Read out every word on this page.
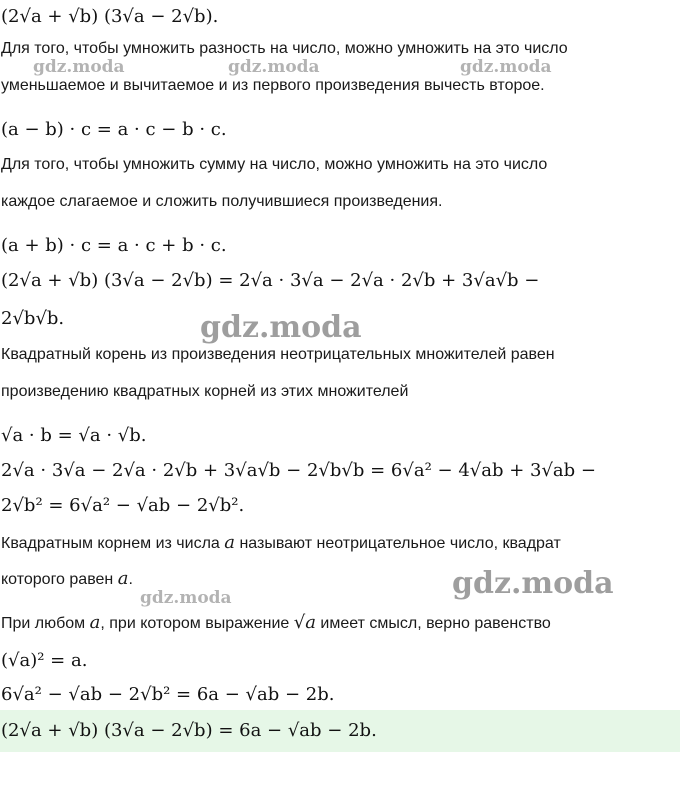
(2√a + √b) (3√a − 2√b).
Для того, чтобы умножить разность на число, можно умножить на это число
уменьшаемое и вычитаемое и из первого произведения вычесть второе.
(a − b) · c = a · c − b · c.
Для того, чтобы умножить сумму на число, можно умножить на это число
каждое слагаемое и сложить получившиеся произведения.
(a + b) · c = a · c + b · c.
(2√a + √b) (3√a − 2√b) = 2√a · 3√a − 2√a · 2√b + 3√a√b −
2√b√b.
Квадратный корень из произведения неотрицательных множителей равен
произведению квадратных корней из этих множителей
√a · b = √a · √b.
2√a · 3√a − 2√a · 2√b + 3√a√b − 2√b√b = 6√a² − 4√ab + 3√ab −
2√b² = 6√a² − √ab − 2√b².
Квадратным корнем из числа a называют неотрицательное число, квадрат
которого равен a.
При любом a, при котором выражение √a имеет смысл, верно равенство
(√a)² = a.
6√a² − √ab − 2√b² = 6a − √ab − 2b.
(2√a + √b) (3√a − 2√b) = 6a − √ab − 2b.
gdz.moda	gdz.moda	gdz.moda
gdz.moda
gdz.moda
gdz.moda
